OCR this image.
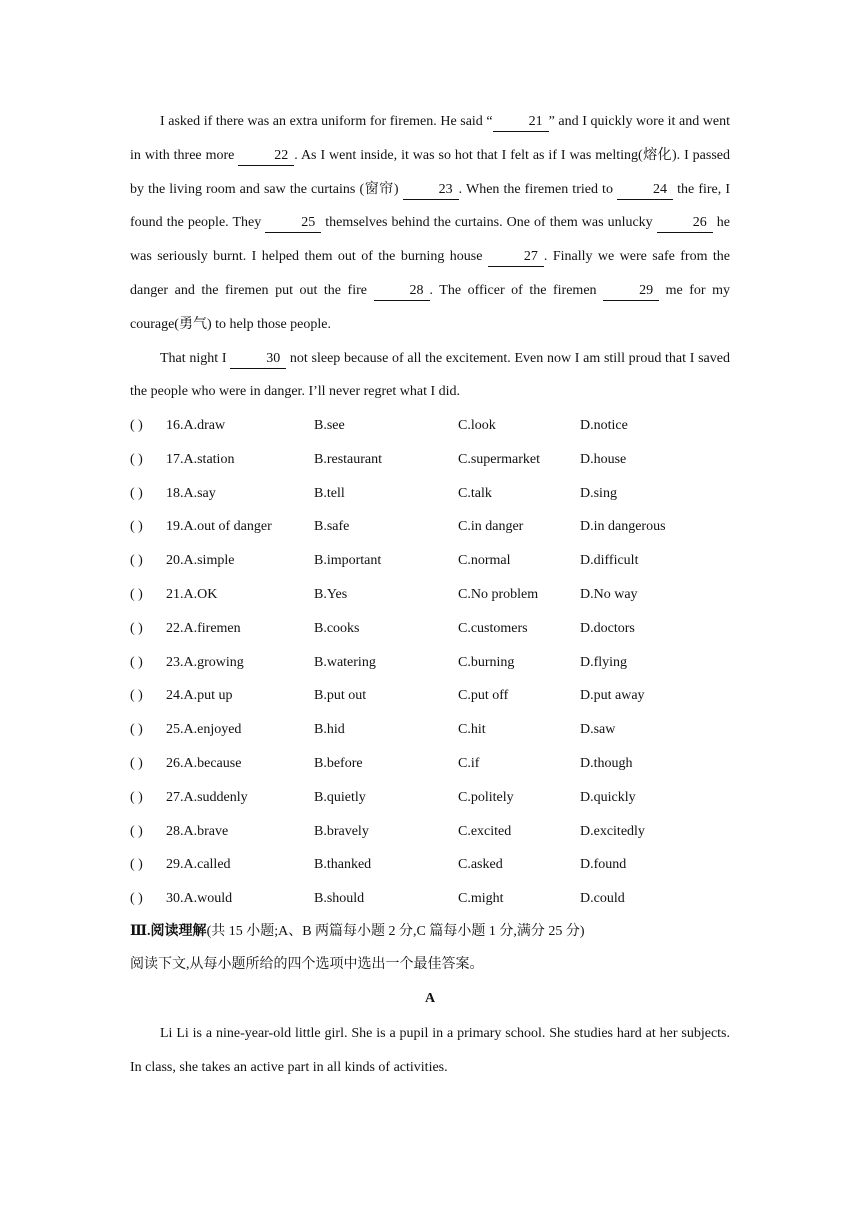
I asked if there was an extra uniform for firemen. He said “	21 ” and I quickly wore it and went in with three more	22 . As I went inside, it was so hot that I felt as if I was melting(熔化). I passed by the living room and saw the curtains (窗帘)	23 . When the firemen tried to	24 the fire, I found the people. They	25 themselves behind the curtains. One of them was unlucky	26 he was seriously burnt. I helped them out of the burning house	27 . Finally we were safe from the danger and the firemen put out the fire	28 . The officer of the firemen	29 me for my courage(勇气) to help those people.

That night I	30 not sleep because of all the excitement. Even now I am still proud that I saved the people who were in danger. I’ll never regret what I did.

( ) 16.A.draw	B.see	C.look	D.notice
( ) 17.A.station	B.restaurant	C.supermarket	D.house
( ) 18.A.say	B.tell	C.talk	D.sing
( ) 19.A.out of danger	B.safe	C.in danger	D.in dangerous
( ) 20.A.simple	B.important	C.normal	D.difficult
( ) 21.A.OK	B.Yes	C.No problem	D.No way
( ) 22.A.firemen	B.cooks	C.customers	D.doctors
( ) 23.A.growing	B.watering	C.burning	D.flying
( ) 24.A.put up	B.put out	C.put off	D.put away
( ) 25.A.enjoyed	B.hid	C.hit	D.saw
( ) 26.A.because	B.before	C.if	D.though
( ) 27.A.suddenly	B.quietly	C.politely	D.quickly
( ) 28.A.brave	B.bravely	C.excited	D.excitedly
( ) 29.A.called	B.thanked	C.asked	D.found
( ) 30.A.would	B.should	C.might	D.could
Ⅲ.阅读理解(共 15 小题;A、B 两篇每小题 2 分,C 篇每小题 1 分,满分 25 分)
阅读下文,从每小题所给的四个选项中选出一个最佳答案。
A

Li Li is a nine-year-old little girl. She is a pupil in a primary school. She studies hard at her subjects. In class, she takes an active part in all kinds of activities.
